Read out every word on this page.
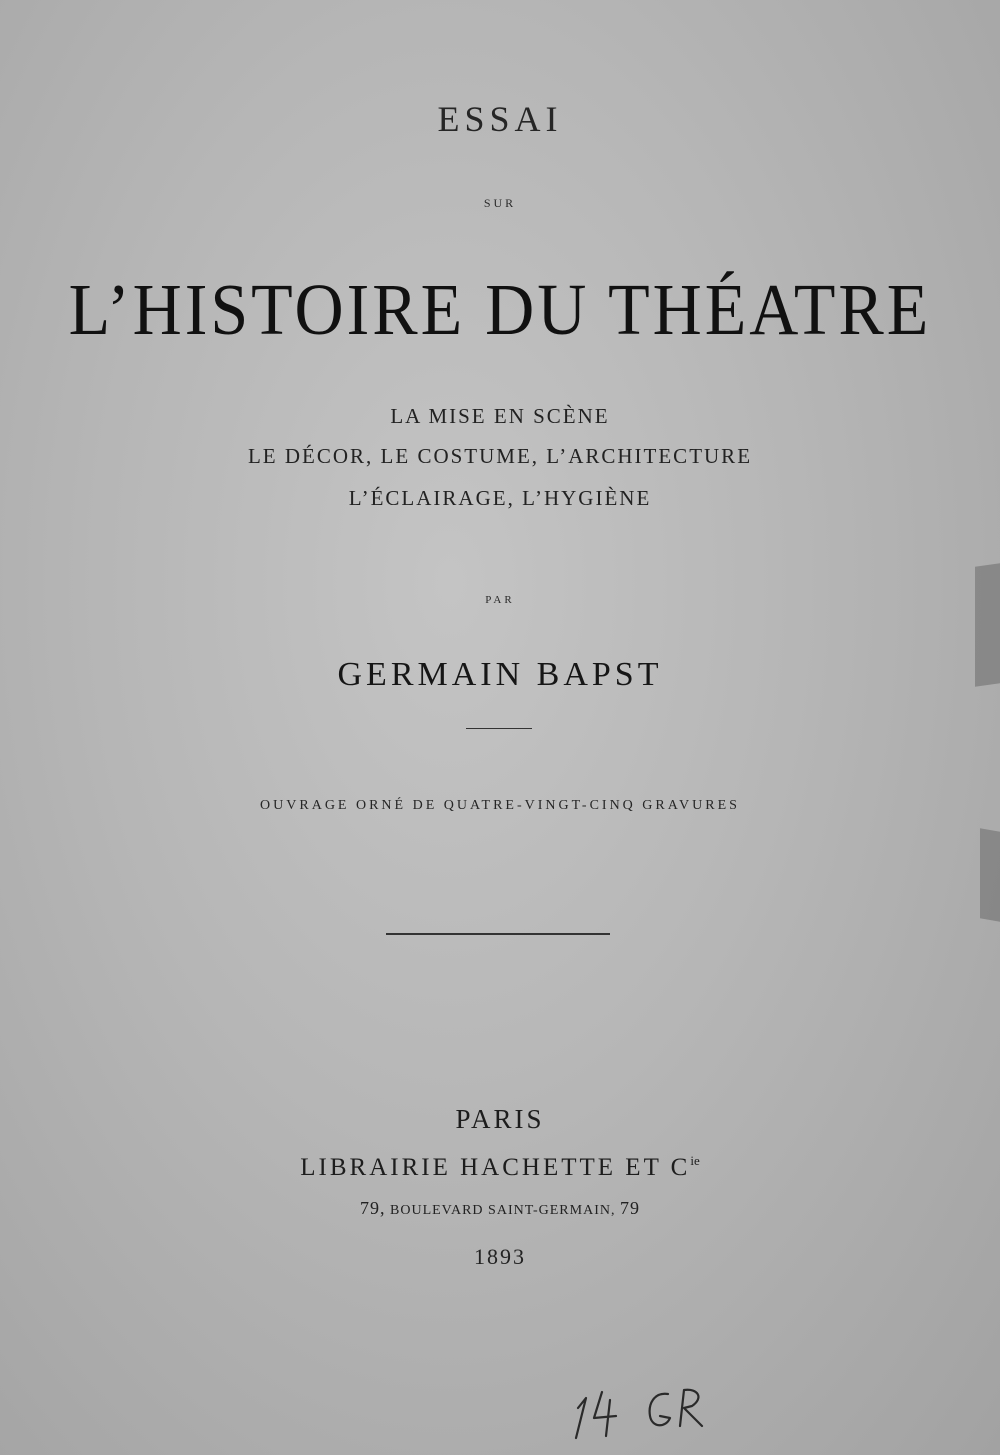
ESSAI
SUR
L’HISTOIRE DU THÉATRE
LA MISE EN SCÈNE
LE DÉCOR, LE COSTUME, L’ARCHITECTURE
L’ÉCLAIRAGE, L’HYGIÈNE
PAR
GERMAIN BAPST
OUVRAGE ORNÉ DE QUATRE-VINGT-CINQ GRAVURES
PARIS
LIBRAIRIE HACHETTE ET $C^{ie}$
79, BOULEVARD SAINT-GERMAIN, 79
1893
